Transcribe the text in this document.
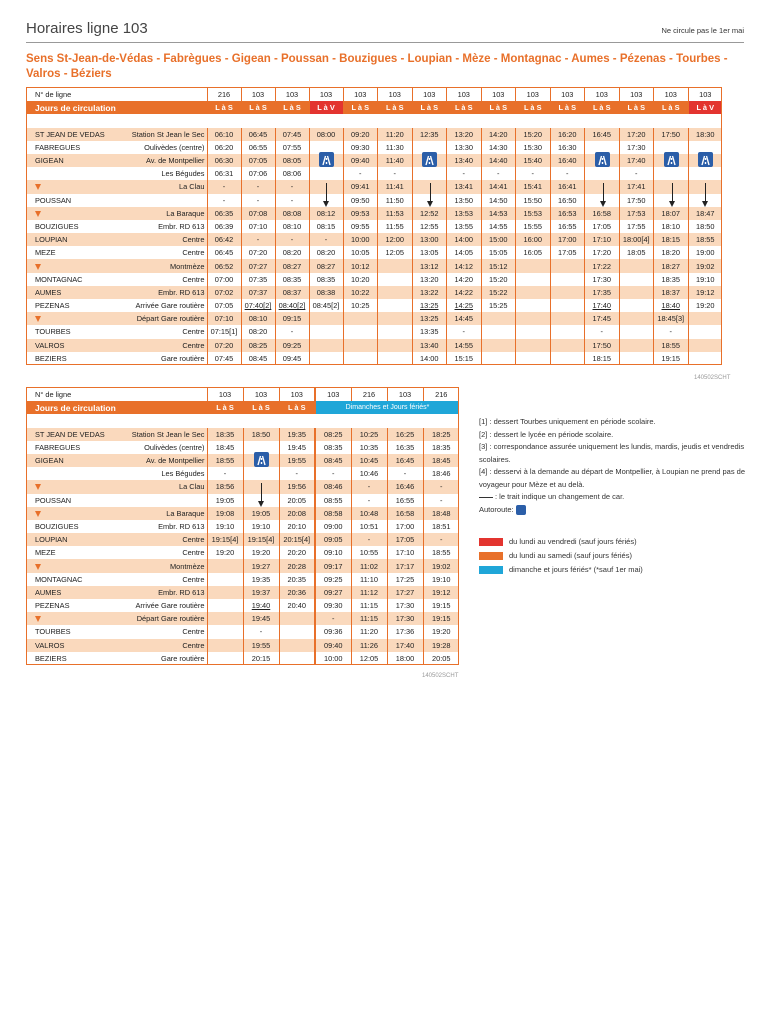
Horaires ligne 103	Ne circule pas le 1er mai
Sens St-Jean-de-Védas - Fabrègues - Gigean - Poussan - Bouzigues - Loupian - Mèze - Montagnac - Aumes - Pézenas - Tourbes - Valros - Béziers
N° de ligne		216	103	103	103	103	103	103	103	103	103	103	103	103	103	103
Jours de circulation		L à S	L à S	L à S	L à V	L à S	L à S	L à S	L à S	L à S	L à S	L à S	L à S	L à S	L à S	L à V

ST JEAN DE VEDAS	Station St Jean le Sec	06:10	06:45	07:45	08:00	09:20	11:20	12:35	13:20	14:20	15:20	16:20	16:45	17:20	17:50	18:30
FABREGUES	Oulivèdes (centre)	06:20	06:55	07:55		09:30	11:30		13:30	14:30	15:30	16:30		17:30		
GIGEAN	Av. de Montpellier	06:30	07:05	08:05		09:40	11:40		13:40	14:40	15:40	16:40		17:40		
	Les Bégudes	06:31	07:06	08:06		-	-		-	-	-	-		-		
	La Clau	-	-	-		09:41	11:41		13:41	14:41	15:41	16:41		17:41		
POUSSAN		-	-	-		09:50	11:50		13:50	14:50	15:50	16:50		17:50		
	La Baraque	06:35	07:08	08:08	08:12	09:53	11:53	12:52	13:53	14:53	15:53	16:53	16:58	17:53	18:07	18:47
BOUZIGUES	Embr. RD 613	06:39	07:10	08:10	08:15	09:55	11:55	12:55	13:55	14:55	15:55	16:55	17:05	17:55	18:10	18:50
LOUPIAN	Centre	06:42	-	-	-	10:00	12:00	13:00	14:00	15:00	16:00	17:00	17:10	18:00[4]	18:15	18:55
MEZE	Centre	06:45	07:20	08:20	08:20	10:05	12:05	13:05	14:05	15:05	16:05	17:05	17:20	18:05	18:20	19:00
	Montmèze	06:52	07:27	08:27	08:27	10:12		13:12	14:12	15:12			17:22		18:27	19:02
MONTAGNAC	Centre	07:00	07:35	08:35	08:35	10:20		13:20	14:20	15:20			17:30		18:35	19:10
AUMES	Embr. RD 613	07:02	07:37	08:37	08:38	10:22		13:22	14:22	15:22			17:35		18:37	19:12
PEZENAS	Arrivée Gare routière	07:05	07:40[2]	08:40[2]	08:45[2]	10:25		13:25	14:25	15:25			17:40		18:40	19:20
	Départ Gare routière	07:10	08:10	09:15				13:25	14:45				17:45		18:45[3]	
TOURBES	Centre	07:15[1]	08:20	-				13:35	-				-		-	
VALROS	Centre	07:20	08:25	09:25				13:40	14:55				17:50		18:55	
BEZIERS	Gare routière	07:45	08:45	09:45				14:00	15:15				18:15		19:15	
140502SCHT
N° de ligne		103	103	103	103	216	103	216
Jours de circulation		L à S	L à S	L à S	Dimanches et Jours fériés*			

ST JEAN DE VEDAS	Station St Jean le Sec	18:35	18:50	19:35	08:25	10:25	16:25	18:25
FABREGUES	Oulivèdes (centre)	18:45		19:45	08:35	10:35	16:35	18:35
GIGEAN	Av. de Montpellier	18:55		19:55	08:45	10:45	16:45	18:45
	Les Bégudes	-		-	-	10:46	-	18:46
	La Clau	18:56		19:56	08:46	-	16:46	-
POUSSAN		19:05		20:05	08:55	-	16:55	-
	La Baraque	19:08	19:05	20:08	08:58	10:48	16:58	18:48
BOUZIGUES	Embr. RD 613	19:10	19:10	20:10	09:00	10:51	17:00	18:51
LOUPIAN	Centre	19:15[4]	19:15[4]	20:15[4]	09:05	-	17:05	-
MEZE	Centre	19:20	19:20	20:20	09:10	10:55	17:10	18:55
	Montmèze		19:27	20:28	09:17	11:02	17:17	19:02
MONTAGNAC	Centre		19:35	20:35	09:25	11:10	17:25	19:10
AUMES	Embr. RD 613		19:37	20:36	09:27	11:12	17:27	19:12
PEZENAS	Arrivée Gare routière		19:40	20:40	09:30	11:15	17:30	19:15
	Départ Gare routière		19:45		-	11:15	17:30	19:15
TOURBES	Centre		-		09:36	11:20	17:36	19:20
VALROS	Centre		19:55		09:40	11:26	17:40	19:28
BEZIERS	Gare routière		20:15		10:00	12:05	18:00	20:05
140502SCHT

[1] : dessert Tourbes uniquement en période scolaire.

[2] : dessert le lycée en période scolaire.

[3] : correspondance assurée uniquement les lundis, mardis, jeudis et vendredis scolaires.

[4] : desservi à la demande au départ de Montpellier, à Loupian ne prend pas de voyageur pour Mèze et au delà.

: le trait indique un changement de car.

Autoroute:

du lundi au vendredi (sauf jours fériés)
du lundi au samedi (sauf jours fériés)
dimanche et jours fériés* (*sauf 1er mai)
